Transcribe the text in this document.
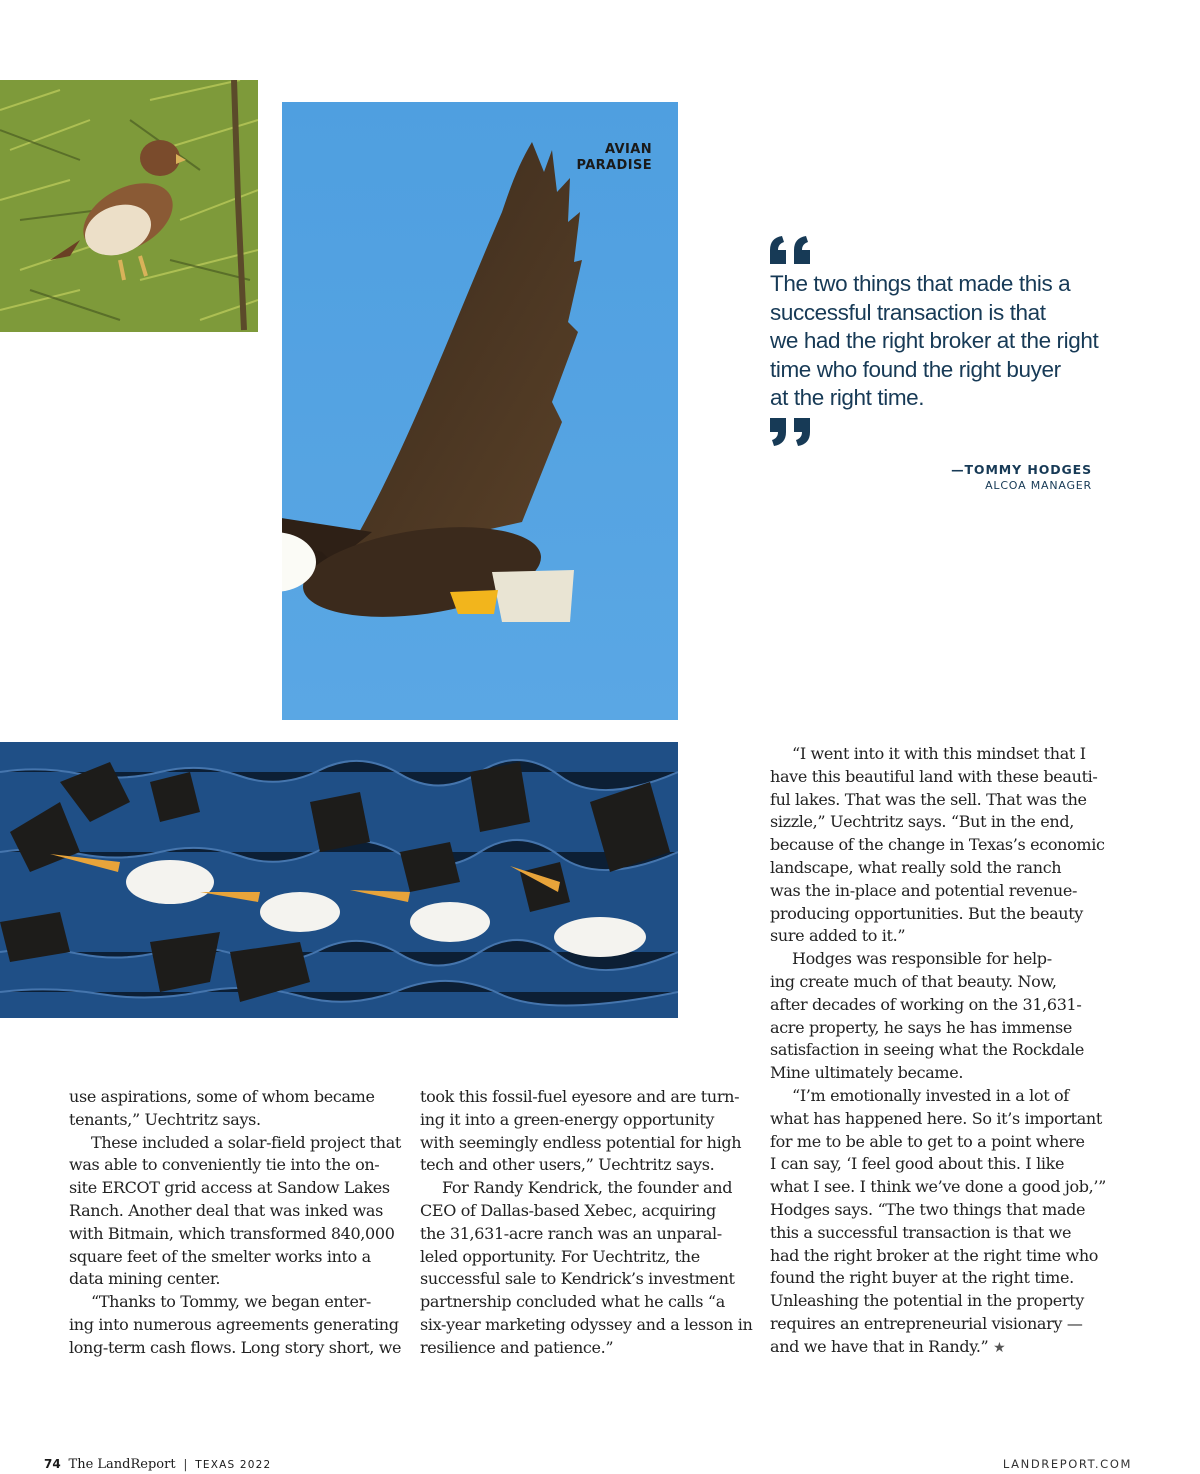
AVIAN
PARADISE
The two things that made this a
successful transaction is that
we had the right broker at the right
time who found the right buyer
at the right time.
—TOMMY HODGES
ALCOA MANAGER
use aspirations, some of whom became
tenants,” Uechtritz says.
These included a solar-field project that
was able to conveniently tie into the on-
site ERCOT grid access at Sandow Lakes
Ranch. Another deal that was inked was
with Bitmain, which transformed 840,000
square feet of the smelter works into a
data mining center.
“Thanks to Tommy, we began enter-
ing into numerous agreements generating
long-term cash flows. Long story short, we
took this fossil-fuel eyesore and are turn-
ing it into a green-energy opportunity
with seemingly endless potential for high
tech and other users,” Uechtritz says.
For Randy Kendrick, the founder and
CEO of Dallas-based Xebec, acquiring
the 31,631-acre ranch was an unparal-
leled opportunity. For Uechtritz, the
successful sale to Kendrick’s investment
partnership concluded what he calls “a
six-year marketing odyssey and a lesson in
resilience and patience.”
“I went into it with this mindset that I
have this beautiful land with these beauti-
ful lakes. That was the sell. That was the
sizzle,” Uechtritz says. “But in the end,
because of the change in Texas’s economic
landscape, what really sold the ranch
was the in-place and potential revenue-
producing opportunities. But the beauty
sure added to it.”
Hodges was responsible for help-
ing create much of that beauty. Now,
after decades of working on the 31,631-
acre property, he says he has immense
satisfaction in seeing what the Rockdale
Mine ultimately became.
“I’m emotionally invested in a lot of
what has happened here. So it’s important
for me to be able to get to a point where
I can say, ‘I feel good about this. I like
what I see. I think we’ve done a good job,’”
Hodges says. “The two things that made
this a successful transaction is that we
had the right broker at the right time who
found the right buyer at the right time.
Unleashing the potential in the property
requires an entrepreneurial visionary —
and we have that in Randy.” ★
74 The LandReport | TEXAS 2022	LANDREPORT.COM
